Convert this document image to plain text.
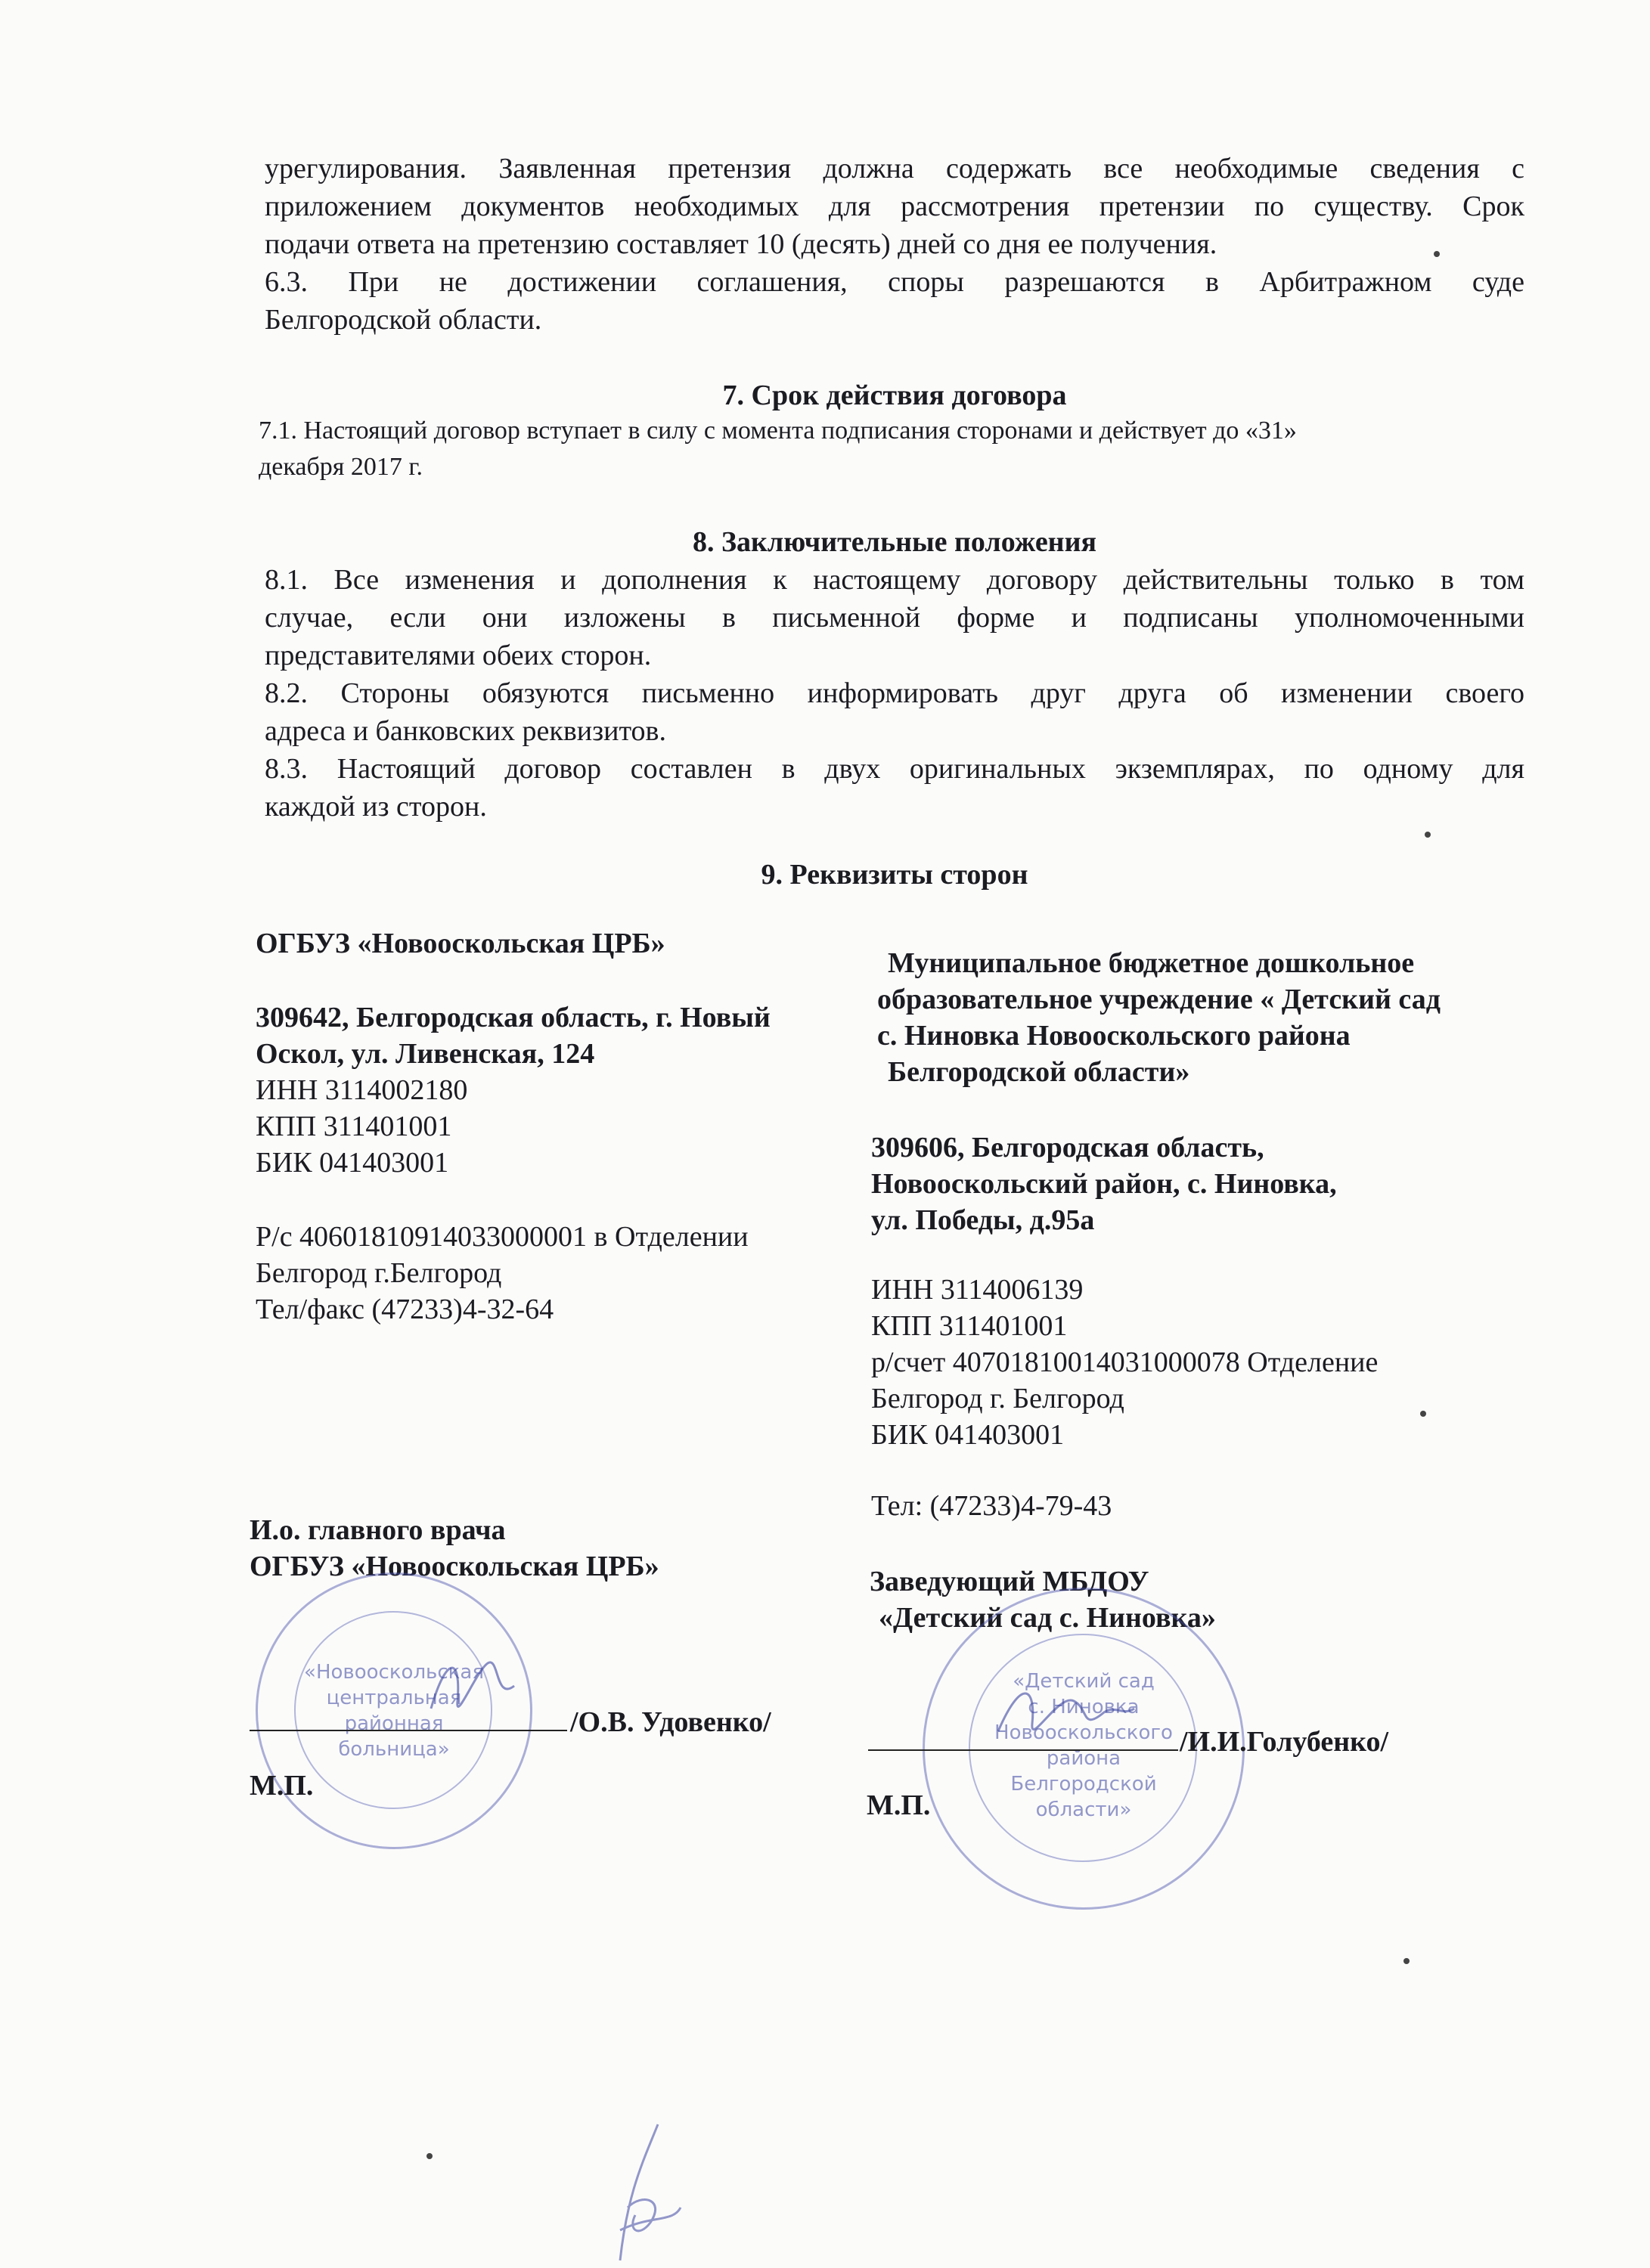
урегулирования. Заявленная претензия должна содержать все необходимые сведения с
приложением документов необходимых для рассмотрения претензии по существу. Срок
подачи ответа на претензию составляет 10 (десять) дней со дня ее получения.
6.3. При не достижении соглашения, споры разрешаются в Арбитражном суде
Белгородской области.
7. Срок действия договора
7.1. Настоящий договор вступает в силу с момента подписания сторонами и действует до «31»
декабря 2017 г.
8. Заключительные положения
8.1. Все изменения и дополнения к настоящему договору действительны только в том
случае, если они изложены в письменной форме и подписаны уполномоченными
представителями обеих сторон.
8.2. Стороны обязуются письменно информировать друг друга об изменении своего
адреса и банковских реквизитов.
8.3. Настоящий договор составлен в двух оригинальных экземплярах, по одному для
каждой из сторон.
9. Реквизиты сторон
ОГБУЗ «Новооскольская ЦРБ»
309642, Белгородская область, г. Новый
Оскол, ул. Ливенская, 124
ИНН 3114002180
КПП 311401001
БИК 041403001
Р/с 40601810914033000001 в Отделении
Белгород г.Белгород
Тел/факс (47233)4-32-64
И.о. главного врача
ОГБУЗ «Новооскольская ЦРБ»
«Новооскольская
центральная
районная
больница»
/О.В. Удовенко/
М.П.
Муниципальное бюджетное дошкольное
образовательное учреждение « Детский сад
с. Ниновка Новооскольского района
Белгородской области»
309606, Белгородская область,
Новооскольский район, с. Ниновка,
ул. Победы, д.95а
ИНН 3114006139
КПП 311401001
р/счет 40701810014031000078 Отделение
Белгород г. Белгород
БИК 041403001
Тел: (47233)4-79-43
Заведующий МБДОУ
«Детский сад с. Ниновка»
«Детский сад
с. Ниновка
Новооскольского
района
Белгородской
области»
/И.И.Голубенко/
М.П.
